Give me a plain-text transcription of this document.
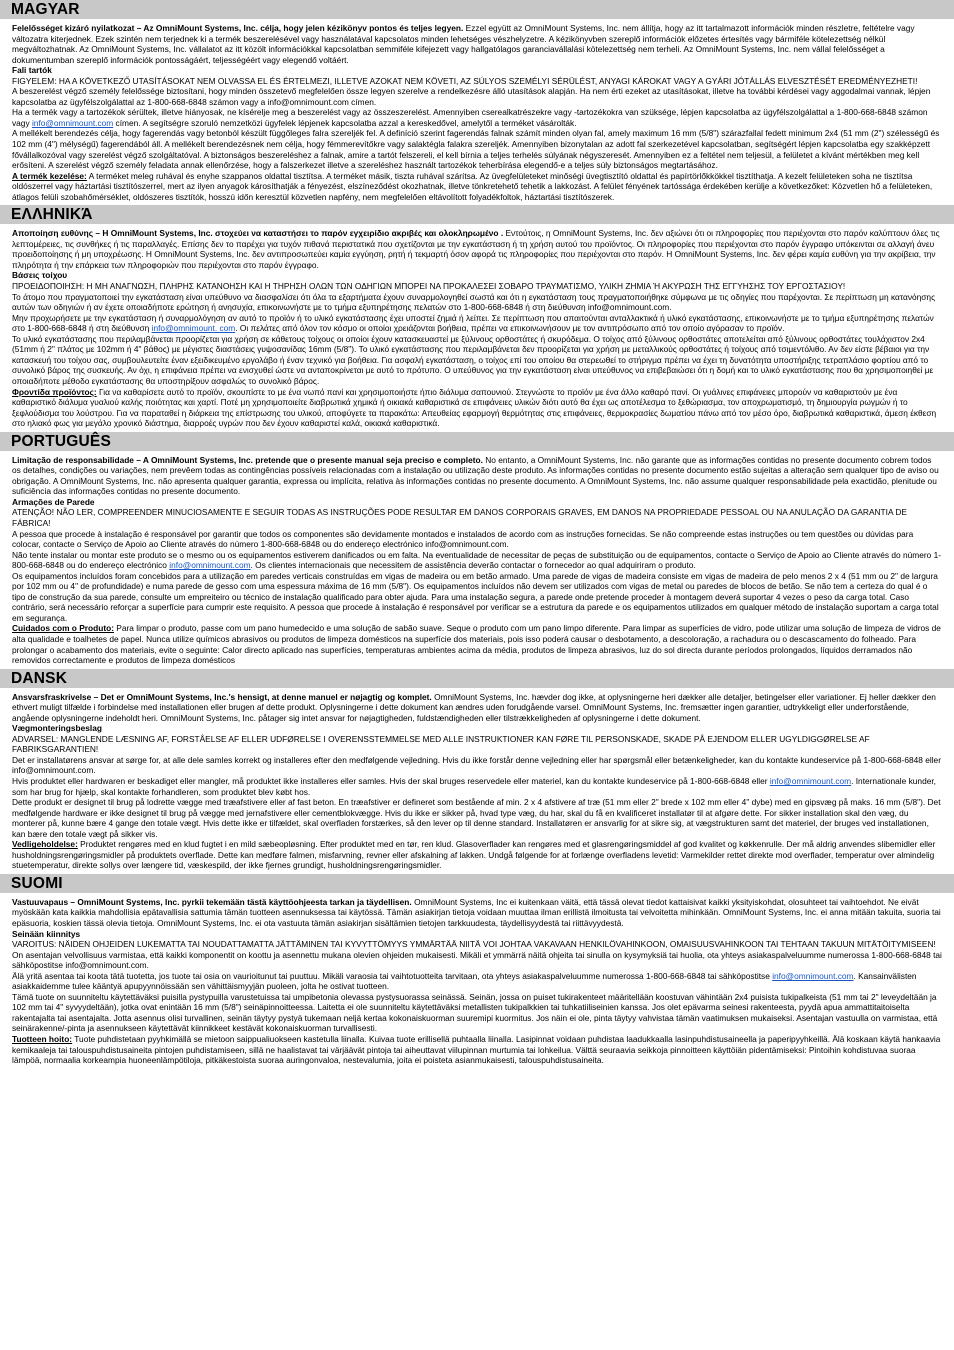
MAGYAR

Felelősséget kizáró nyilatkozat – Az OmniMount Systems, Inc. célja, hogy jelen kézikönyv pontos és teljes legyen. Ezzel együtt az OmniMount Systems, Inc. nem állítja, hogy az itt tartalmazott információk minden részletre, feltételre vagy változatra kiterjednek. Ezek szintén nem terjednek ki a termék beszerelésével vagy használatával kapcsolatos minden lehetséges vészhelyzetre. A kézikönyvben szereplő információk előzetes értesítés vagy bármiféle kötelezettség nélkül megváltozhatnak. Az OmniMount Systems, Inc. vállalatot az itt közölt információkkal kapcsolatban semmiféle kifejezett vagy hallgatólagos garanciavállalási kötelezettség nem terheli. Az OmniMount Systems, Inc. nem vállal felelősséget a dokumentumban szereplő információk pontosságáért, teljességéért vagy elegendő voltáért.

Fali tartók

FIGYELEM: HA A KÖVETKEZŐ UTASÍTÁSOKAT NEM OLVASSA EL ÉS ÉRTELMEZI, ILLETVE AZOKAT NEM KÖVETI, AZ SÚLYOS SZEMÉLYI SÉRÜLÉST, ANYAGI KÁROKAT VAGY A GYÁRI JÓTÁLLÁS ELVESZTÉSÉT EREDMÉNYEZHETI!

A beszerelést végző személy felelőssége biztosítani, hogy minden összetevő megfelelően össze legyen szerelve a rendelkezésre álló utasítások alapján. Ha nem érti ezeket az utasításokat, illetve ha további kérdései vagy aggodalmai vannak, lépjen kapcsolatba az ügyfélszolgálattal az 1-800-668-6848 számon vagy a info@omnimount.com címen.

Ha a termék vagy a tartozékok sérültek, illetve hiányosak, ne kísérelje meg a beszerelést vagy az összeszerelést. Amennyiben cserealkatrészekre vagy -tartozékokra van szüksége, lépjen kapcsolatba az ügyfélszolgálattal a 1-800-668-6848 számon vagy info@omnimount.com címen. A segítségre szoruló nemzetközi ügyfelek lépjenek kapcsolatba azzal a kereskedővel, amelytől a terméket vásárolták.

A mellékelt berendezés célja, hogy fagerendás vagy betonból készült függőleges falra szereljék fel. A definíció szerint fagerendás falnak számít minden olyan fal, amely maximum 16 mm (5/8") szárazfallal fedett minimum 2x4 (51 mm (2") szélességű és 102 mm (4") mélységű) fagerendából áll. A mellékelt berendezésnek nem célja, hogy fémmerevítőkre vagy salaktégla falakra szereljék. Amennyiben bizonytalan az adott fal szerkezetével kapcsolatban, segítségért lépjen kapcsolatba egy szakképzett fővállalkozóval vagy szerelést végző szolgáltatóval. A biztonságos beszereléshez a falnak, amire a tartót felszereli, el kell bírnia a teljes terhelés súlyának négyszeresét. Amennyiben ez a feltétel nem teljesül, a felületet a kívánt mértékben meg kell erősíteni. A szerelést végző személy feladata annak ellenőrzése, hogy a falszerkezet illetve a szereléshez használt tartozékok teherbírása elegendő-e a teljes súly biztonságos megtartásához.

A termék kezelése: A terméket meleg ruhával és enyhe szappanos oldattal tisztítsa. A terméket másik, tiszta ruhával szárítsa. Az üvegfelületeket minőségi üvegtisztító oldattal és papírtörlőkkökkel tisztíthatja. A kezelt felületeken soha ne tisztítsa oldószerrel vagy háztartási tisztítószerrel, mert az ilyen anyagok károsíthatják a fényezést, elszíneződést okozhatnak, illetve tönkretehető tehetik a lakkozást. A felület fényének tartóssága érdekében kerülje a következőket: Közvetlen hő a felületeken, átlagos felüli szobahőmérséklet, oldószeres tisztítók, hosszú időn keresztül közvetlen napfény, nem megfelelően eltávolított folyadékfoltok, háztartási tisztítószerek.

ΕΛΛΗΝΙΚΆ

Αποποίηση ευθύνης – Η OmniMount Systems, Inc. στοχεύει να καταστήσει το παρόν εγχειρίδιο ακριβές και ολοκληρωμένο . Εντούτοις, η OmniMount Systems, Inc. δεν αξιώνει ότι οι πληροφορίες που περιέχονται στο παρόν καλύπτουν όλες τις λεπτομέρειες, τις συνθήκες ή τις παραλλαγές. Επίσης δεν το παρέχει για τυχόν πιθανά περιστατικά που σχετίζονται με την εγκατάσταση ή τη χρήση αυτού του προϊόντος. Οι πληροφορίες που περιέχονται στο παρόν έγγραφο υπόκεινται σε αλλαγή άνευ προειδοποίησης ή μη υποχρέωσης. Η OmniMount Systems, Inc. δεν αντιπροσωπεύει καμία εγγύηση, ρητή ή τεκμαρτή όσον αφορά τις πληροφορίες που περιέχονται στο παρόν. Η OmniMount Systems, Inc. δεν φέρει καμία ευθύνη για την ακρίβεια, την πληρότητα ή την επάρκεια των πληροφοριών που περιέχονται στο παρόν έγγραφο.

Βάσεις τοίχου

ΠΡΟΕΙΔΟΠΟΙΗΣΗ: Η ΜΗ ΑΝΑΓΝΩΣΗ, ΠΛΗΡΗΣ ΚΑΤΑΝΟΗΣΗ ΚΑΙ Η ΤΗΡΗΣΗ ΟΛΩΝ ΤΩΝ ΟΔΗΓΙΩΝ ΜΠΟΡΕΙ ΝΑ ΠΡΟΚΑΛΕΣΕΙ ΣΟΒΑΡΟ ΤΡΑΥΜΑΤΙΣΜΟ, ΥΛΙΚΗ ΖΗΜΙΑ Ή ΑΚΥΡΩΣΗ ΤΗΣ ΕΓΓΥΗΣΗΣ ΤΟΥ ΕΡΓΟΣΤΑΣΙΟΥ!

Το άτομο που πραγματοποιεί την εγκατάσταση είναι υπεύθυνο να διασφαλίσει ότι όλα τα εξαρτήματα έχουν συναρμολογηθεί σωστά και ότι η εγκατάσταση τους πραγματοποιήθηκε σύμφωνα με τις οδηγίες που παρέχονται. Σε περίπτωση μη κατανόησης αυτών των οδηγιών ή αν έχετε οποιαδήποτε ερώτηση ή ανησυχία, επικοινωνήστε με το τμήμα εξυπηρέτησης πελατών στο 1-800-668-6848 ή στη διεύθυνση info@omnimount.com.

Μην προχωρήσετε με την εγκατάσταση ή συναρμολόγηση αν αυτό το προϊόν ή το υλικό εγκατάστασης έχει υποστεί ζημιά ή λείπει. Σε περίπτωση που απαιτούνται ανταλλακτικά ή υλικό εγκατάστασης, επικοινωνήστε με το τμήμα εξυπηρέτησης πελατών στο 1-800-668-6848 ή στη διεύθυνση info@omnimount. com. Οι πελάτες από όλον τον κόσμο οι οποίοι χρειάζονται βοήθεια, πρέπει να επικοινωνήσουν με τον αντιπρόσωπο από τον οποίο αγόρασαν το προϊόν.

Το υλικό εγκατάστασης που περιλαμβάνεται προορίζεται για χρήση σε κάθετους τοίχους οι οποίοι έχουν κατασκευαστεί με ξύλινους ορθοστάτες ή σκυρόδεμα. Ο τοίχος από ξύλινους ορθοστάτες αποτελείται από ξύλινους ορθοστάτες τουλάχιστον 2x4 (51mm ή 2" πλάτος με 102mm ή 4" βάθος) με μέγιστες διαστάσεις γυψοσανίδας 16mm (5/8"). Το υλικό εγκατάστασης που περιλαμβάνεται δεν προορίζεται για χρήση με μεταλλικούς ορθοστάτες ή τοίχους από τσιμεντόλιθο. Αν δεν είστε βέβαιοι για την κατασκευή του τοίχου σας, συμβουλευτείτε έναν εξειδικευμένο εργολάβο ή έναν τεχνικό για βοήθεια. Για ασφαλή εγκατάσταση, ο τοίχος επί του οποίου θα στερεωθεί το στήριγμα πρέπει να έχει τη δυνατότητα υποστήριξης τετραπλάσιο φορτίου από το συνολικό βάρος της συσκευής. Αν όχι, η επιφάνεια πρέπει να ενισχυθεί ώστε να ανταποκρίνεται με αυτό το πρότυπο. Ο υπεύθυνος για την εγκατάσταση είναι υπεύθυνος να επιβεβαιώσει ότι η δομή και το υλικό εγκατάστασης που θα χρησιμοποιηθεί με οποιαδήποτε μέθοδο εγκατάστασης θα υποστηρίξουν ασφαλώς το συνολικό βάρος.

Φροντίδα προϊόντος: Για να καθαρίσετε αυτό το προϊόν, σκουπίστε το με ένα νωπό πανί και χρησιμοποιήστε ήπιο διάλυμα σαπουνιού. Στεγνώστε το προϊόν με ένα άλλο καθαρό πανί. Οι γυάλινες επιφάνειες μπορούν να καθαριστούν με ένα καθαριστικό διάλυμα γυαλιού καλής ποιότητας και χαρτί. Ποτέ μη χρησιμοποιείτε διαβρωτικά χημικά ή οικιακά καθαριστικά σε επιφάνειες υλικών διότι αυτό θα έχει ως αποτέλεσμα το ξεθώριασμα, τον αποχρωματισμό, τη δημιουργία ρωγμών ή το ξεφλούδισμα του λούστρου. Για να παραταθεί η διάρκεια της επίστρωσης του υλικού, αποφύγετε τα παρακάτω: Απευθείας εφαρμογή θερμότητας στις επιφάνειες, θερμοκρασίες δωματίου πάνω από τον μέσο όρο, διαβρωτικά καθαριστικά, άμεση έκθεση στο ηλιακό φως για μεγάλο χρονικό διάστημα, διαρροές υγρών που δεν έχουν καθαριστεί καλά, οικιακά καθαριστικά.

PORTUGUÊS

Limitação de responsabilidade – A OmniMount Systems, Inc. pretende que o presente manual seja preciso e completo. No entanto, a OmniMount Systems, Inc. não garante que as informações contidas no presente documento cobrem todos os detalhes, condições ou variações, nem prevêem todas as contingências possíveis relacionadas com a instalação ou utilização deste produto. As informações contidas no presente documento estão sujeitas a alteração sem qualquer tipo de aviso ou obrigação. A OmniMount Systems, Inc. não apresenta qualquer garantia, expressa ou implícita, relativa às informações contidas no presente documento. A OmniMount Systems, Inc. não assume qualquer responsabilidade pela exactidão, plenitude ou suficiência das informações contidas no presente documento.

Armações de Parede

ATENÇÃO! NÃO LER, COMPREENDER MINUCIOSAMENTE E SEGUIR TODAS AS INSTRUÇÕES PODE RESULTAR EM DANOS CORPORAIS GRAVES, EM DANOS NA PROPRIEDADE PESSOAL OU NA ANULAÇÃO DA GARANTIA DE FÁBRICA!

A pessoa que procede à instalação é responsável por garantir que todos os componentes são devidamente montados e instalados de acordo com as instruções fornecidas. Se não compreende estas instruções ou tem questões ou dúvidas para colocar, contacte o Serviço de Apoio ao Cliente através do número 1-800-668-6848 ou do endereço electrónico info@omnimount.com.

Não tente instalar ou montar este produto se o mesmo ou os equipamentos estiverem danificados ou em falta. Na eventualidade de necessitar de peças de substituição ou de equipamentos, contacte o Serviço de Apoio ao Cliente através do número 1-800-668-6848 ou do endereço electrónico info@omnimount.com. Os clientes internacionais que necessitem de assistência deverão contactar o fornecedor ao qual adquiriram o produto.

Os equipamentos incluídos foram concebidos para a utilização em paredes verticais construídas em vigas de madeira ou em betão armado. Uma parede de vigas de madeira consiste em vigas de madeira de pelo menos 2 x 4 (51 mm ou 2" de largura por 102 mm ou 4" de profundidade) e numa parede de gesso com uma espessura máxima de 16 mm (5/8"). Os equipamentos incluídos não devem ser utilizados com vigas de metal ou paredes de blocos de betão. Se não tem a certeza do qual é o tipo de construção da sua parede, consulte um empreiteiro ou técnico de instalação qualificado para obter ajuda. Para uma instalação segura, a parede onde pretende proceder à montagem deverá suportar 4 vezes o peso da carga total. Caso contrário, será necessário reforçar a superfície para cumprir este requisito. A pessoa que procede à instalação é responsável por verificar se a estrutura da parede e os equipamentos utilizados em qualquer método de instalação suportam a carga total em segurança.

Cuidados com o Produto: Para limpar o produto, passe com um pano humedecido e uma solução de sabão suave. Seque o produto com um pano limpo diferente. Para limpar as superfícies de vidro, pode utilizar uma solução de limpeza de vidros de alta qualidade e toalhetes de papel. Nunca utilize químicos abrasivos ou produtos de limpeza domésticos na superfície dos materiais, pois isso poderá causar o desbotamento, a descoloração, a rachadura ou o descascamento do folheado. Para prolongar o acabamento dos materiais, evite o seguinte: Calor directo aplicado nas superfícies, temperaturas ambientes acima da média, produtos de limpeza abrasivos, luz do sol directa durante períodos prolongados, líquidos derramados não removidos correctamente e produtos de limpeza domésticos

DANSK

Ansvarsfraskrivelse – Det er OmniMount Systems, Inc.'s hensigt, at denne manuel er nøjagtig og komplet. OmniMount Systems, Inc. hævder dog ikke, at oplysningerne heri dækker alle detaljer, betingelser eller variationer. Ej heller dækker den ethvert muligt tilfælde i forbindelse med installationen eller brugen af dette produkt. Oplysningerne i dette dokument kan ændres uden forudgående varsel. OmniMount Systems, Inc. fremsætter ingen garantier, udtrykkeligt eller underforstående, angående oplysningerne indeholdt heri. OmniMount Systems, Inc. påtager sig intet ansvar for nøjagtigheden, fuldstændigheden eller tilstrækkeligheden af oplysningerne i dette dokument.

Vægmonteringsbeslag

ADVARSEL: MANGLENDE LÆSNING AF, FORSTÅELSE AF ELLER UDFØRELSE I OVERENSSTEMMELSE MED ALLE INSTRUKTIONER KAN FØRE TIL PERSONSKADE, SKADE PÅ EJENDOM ELLER UGYLDIGGØRELSE AF FABRIKSGARANTIEN!

Det er installatørens ansvar at sørge for, at alle dele samles korrekt og installeres efter den medfølgende vejledning. Hvis du ikke forstår denne vejledning eller har spørgsmål eller betænkeligheder, kan du kontakte kundeservice på 1-800-668-6848 eller info@omnimount.com.

Hvis produktet eller hardwaren er beskadiget eller mangler, må produktet ikke installeres eller samles. Hvis der skal bruges reservedele eller materiel, kan du kontakte kundeservice på 1-800-668-6848 eller info@omnimount.com. Internationale kunder, som har brug for hjælp, skal kontakte forhandleren, som produktet blev købt hos.

Dette produkt er designet til brug på lodrette vægge med træafstivere eller af fast beton. En træafstiver er defineret som bestående af min. 2 x 4 afstivere af træ (51 mm eller 2" brede x 102 mm eller 4" dybe) med en gipsvæg på maks. 16 mm (5/8"). Det medfølgende hardware er ikke designet til brug på vægge med jernafstivere eller cementblokvægge. Hvis du ikke er sikker på, hvad type væg, du har, skal du få en kvalificeret installatør til at afgøre dette. For sikker installation skal den væg, du monterer på, kunne bære 4 gange den totale vægt. Hvis dette ikke er tilfældet, skal overfladen forstærkes, så den lever op til denne standard. Installatøren er ansvarlig for at sikre sig, at vægstrukturen samt det materiel, der bruges ved installationen, kan bære den totale vægt på sikker vis.

Vedligeholdelse: Produktet rengøres med en klud fugtet i en mild sæbeopløsning. Efter produktet med en tør, ren klud. Glasoverflader kan rengøres med et glasrengøringsmiddel af god kvalitet og køkkenrulle. Der må aldrig anvendes slibemidler eller husholdningsrengøringsmidler på produktets overflade. Dette kan medføre falmen, misfarvning, revner eller afskalning af lakken. Undgå følgende for at forlænge overfladens levetid: Varmekilder rettet direkte mod overflader, temperatur over almindelig stuetemperatur, direkte sollys over længere tid, væskespild, der ikke fjernes grundigt, husholdningsrengøringsmidler.

SUOMI

Vastuuvapaus – OmniMount Systems, Inc. pyrkii tekemään tästä käyttöohjeesta tarkan ja täydellisen. OmniMount Systems, Inc ei kuitenkaan väitä, että tässä olevat tiedot kattaisivat kaikki yksityiskohdat, olosuhteet tai vaihtoehdot. Ne eivät myöskään kata kaikkia mahdollisia epätavallisia sattumia tämän tuotteen asennuksessa tai käytössä. Tämän asiakirjan tietoja voidaan muuttaa ilman erillistä ilmoitusta tai velvoitetta mihinkään. OmniMount Systems, Inc. ei anna mitään takuita, suoria tai epäsuoria, koskien tässä olevia tietoja. OmniMount Systems, Inc. ei ota vastuuta tämän asiakirjan sisältämien tietojen tarkkuudesta, täydellisyydestä tai riittävyydestä.

Seinään kiinnitys

VAROITUS: NÄIDEN OHJEIDEN LUKEMATTA TAI NOUDATTAMATTA JÄTTÄMINEN TAI KYVYTTÖMYYS YMMÄRTÄÄ NIITÄ VOI JOHTAA VAKAVAAN HENKILÖVAHINKOON, OMAISUUSVAHINKOON TAI TEHTAAN TAKUUN MITÄTÖITYMISEEN!

On asentajan velvollisuus varmistaa, että kaikki komponentit on koottu ja asennettu mukana olevien ohjeiden mukaisesti. Mikäli et ymmärrä näitä ohjeita tai sinulla on kysymyksiä tai huolia, ota yhteys asiakaspalveluumme numerossa 1-800-668-6848 tai sähköpostitse info@omnimount.com.

Älä yritä asentaa tai koota tätä tuotetta, jos tuote tai osia on vaurioitunut tai puuttuu. Mikäli varaosia tai vaihtotuotteita tarvitaan, ota yhteys asiakaspalveluumme numerossa 1-800-668-6848 tai sähköpostitse info@omnimount.com. Kansainvälisten asiakkaidemme tulee kääntyä apupyynnöissään sen vähittäismyyjän puoleen, jolta he ostivat tuotteen.

Tämä tuote on suunniteltu käytettäväksi puisilla pystypuilla varustetuissa tai umpibetonia olevassa pystysuorassa seinässä. Seinän, jossa on puiset tukirakenteet määritellään koostuvan vähintään 2x4 puisista tukipalkeista (51 mm tai 2" leveydeltään ja 102 mm tai 4" syvyydeltään), jotka ovat enintään 16 mm (5/8") seinäpinnoitteessa. Laitetta ei ole suunniteltu käytettäväksi metallisten tukipalkkien tai tuhkatiiliseinien kanssa. Jos olet epävarma seinesi rakenteesta, pyydä apua ammattitaitoiselta rakentajalta tai asentajalta. Jotta asennus olisi turvallinen, seinän täytyy pystyä tukemaan neljä kertaa kokonaiskuorman suuremipi kuormitus. Jos näin ei ole, pinta täytyy vahvistaa tämän vaatimuksen mukaiseksi. Asentajan vastuulla on varmistaa, että seinärakenne/-pinta ja asennukseen käytettävät kiinnikkeet kestävät kokonaiskuorman turvallisesti.

Tuotteen hoito: Tuote puhdistetaan pyyhkimällä se mietoon saippualiuokseen kastetulla liinalla. Kuivaa tuote erillisellä puhtaalla liinalla. Lasipinnat voidaan puhdistaa laadukkaalla lasinpuhdistusaineella ja paperipyyhkeillä. Älä koskaan käytä hankaavia kemikaaleja tai talouspuhdistusaineita pintojen puhdistamiseen, sillä ne haalistavat tai värjäävät pintoja tai aiheuttavat viilupinnan murtumia tai lohkeilua. Välttä seuraavia seikkoja pinnoitteen käyttöiän pidentämiseksi: Pintoihin kohdistuvaa suoraa lämpöä, normaalia korkeampia huoneenlämpötiloja, pitkäkestoista suoraa auringonvaloa, nestevalumia, joita ei poisteta asianmukaisesti, talouspuhdistusaineita.
